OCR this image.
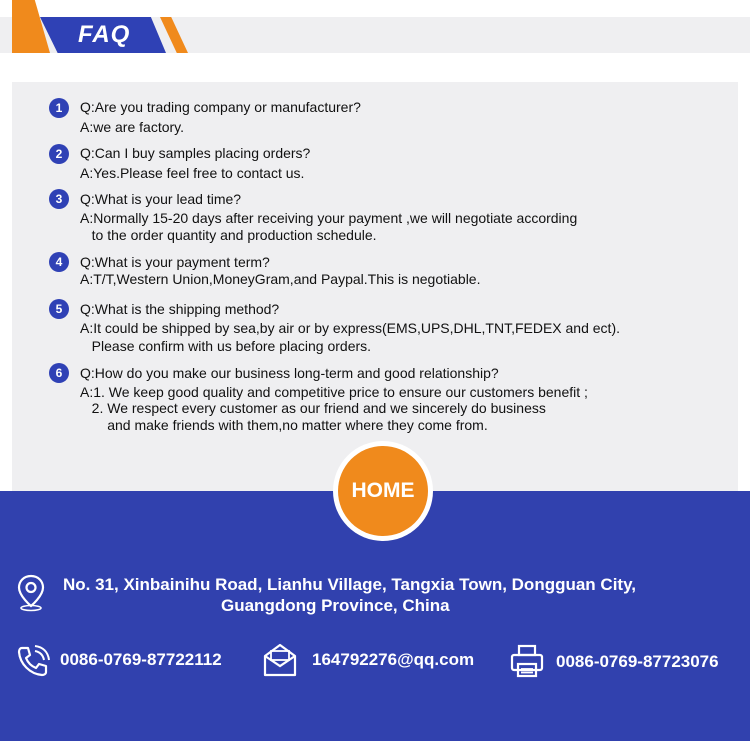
FAQ
1	Q:Are you trading company or manufacturer?
A:we are factory.
2	Q:Can I buy samples placing orders?
A:Yes.Please feel free to contact us.
3	Q:What is your lead time?
A:Normally 15-20 days after receiving your payment ,we will negotiate according
to the order quantity and production schedule.
4	Q:What is your payment term?
A:T/T,Western Union,MoneyGram,and Paypal.This is negotiable.
5	Q:What is the shipping method?
A:It could be shipped by sea,by air or by express(EMS,UPS,DHL,TNT,FEDEX and ect).
Please confirm with us before placing orders.
6	Q:How do you make our business long-term and good relationship?
A:1. We keep good quality and competitive price to ensure our customers benefit ;
2. We respect every customer as our friend and we sincerely do business
and make friends with them,no matter where they come from.
HOME
No. 31, Xinbainihu Road, Lianhu Village, Tangxia Town, Dongguan City,
Guangdong Province, China
0086-0769-87722112	164792276@qq.com	0086-0769-87723076
